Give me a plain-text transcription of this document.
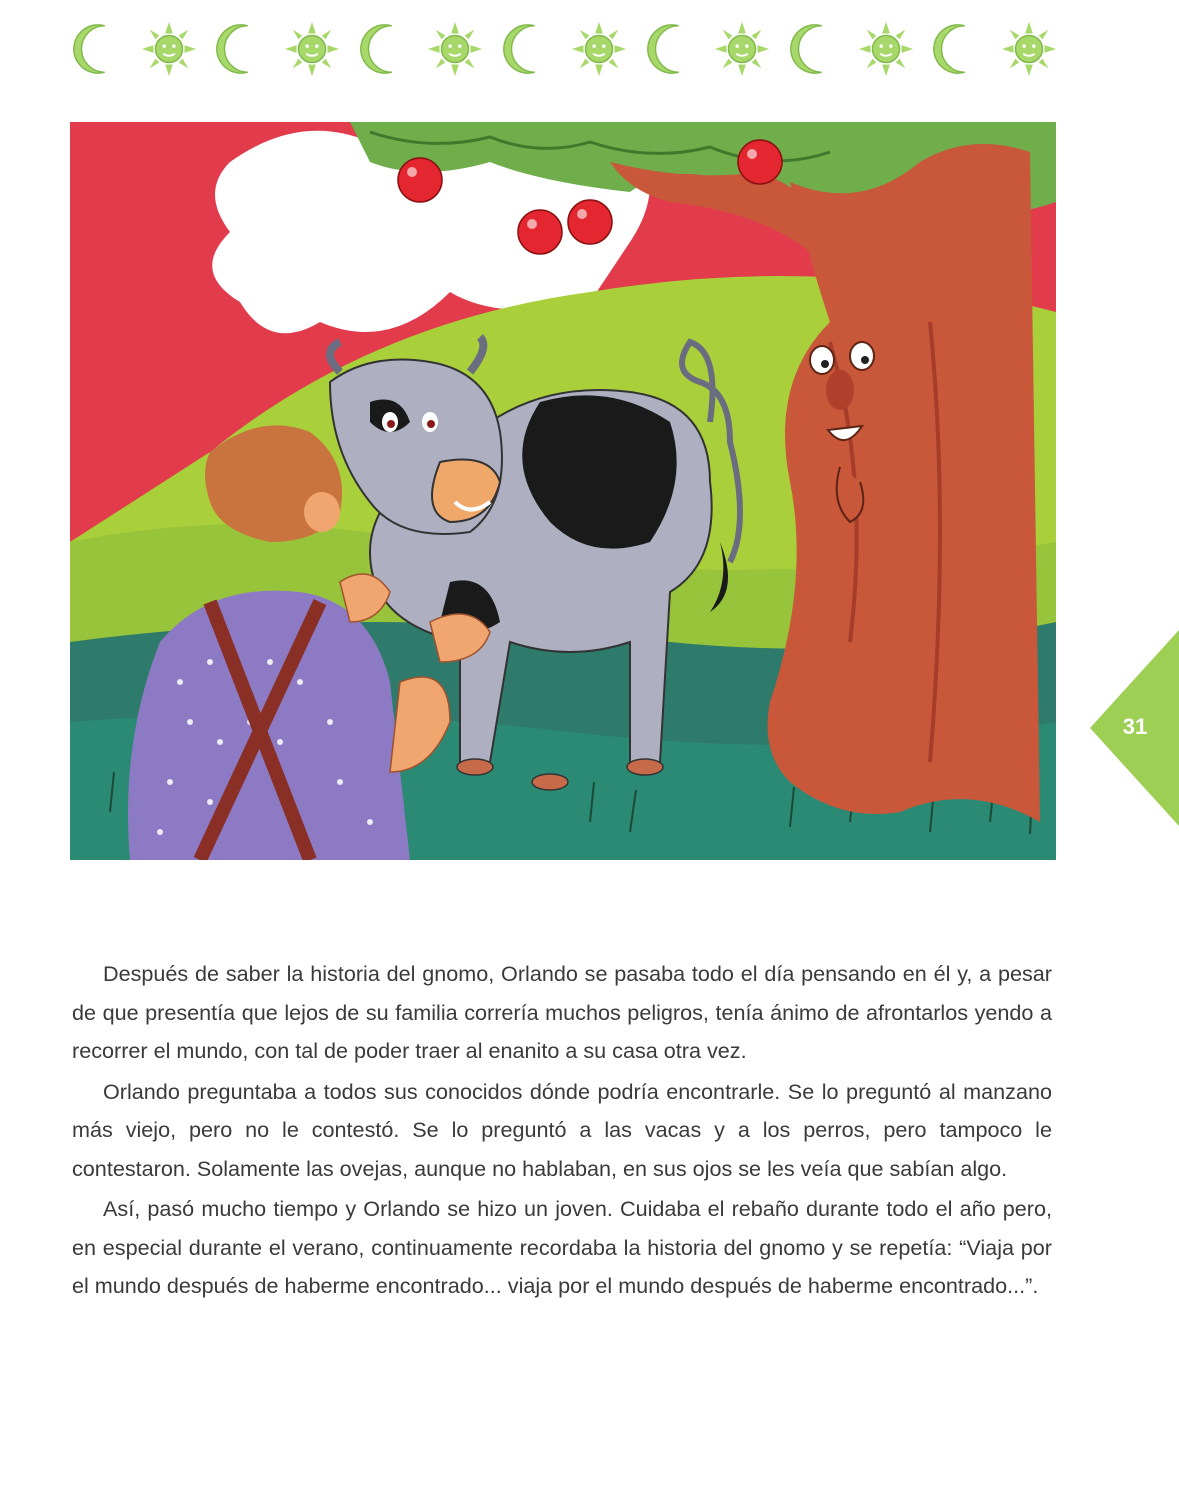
31

Después de saber la historia del gnomo, Orlando se pasaba todo el día pensando en él y, a pesar de que presentía que lejos de su familia correría muchos peligros, tenía ánimo de afrontarlos yendo a recorrer el mundo, con tal de poder traer al enanito a su casa otra vez.

Orlando preguntaba a todos sus conocidos dónde podría encontrarle. Se lo preguntó al manzano más viejo, pero no le contestó. Se lo preguntó a las vacas y a los perros, pero tampoco le contestaron. Solamente las ovejas, aunque no hablaban, en sus ojos se les veía que sabían algo.

Así, pasó mucho tiempo y Orlando se hizo un joven. Cuidaba el rebaño durante todo el año pero, en especial durante el verano, continuamente recordaba la historia del gnomo y se repetía: “Viaja por el mundo después de haberme encontrado... viaja por el mundo después de haberme encontrado...”.
